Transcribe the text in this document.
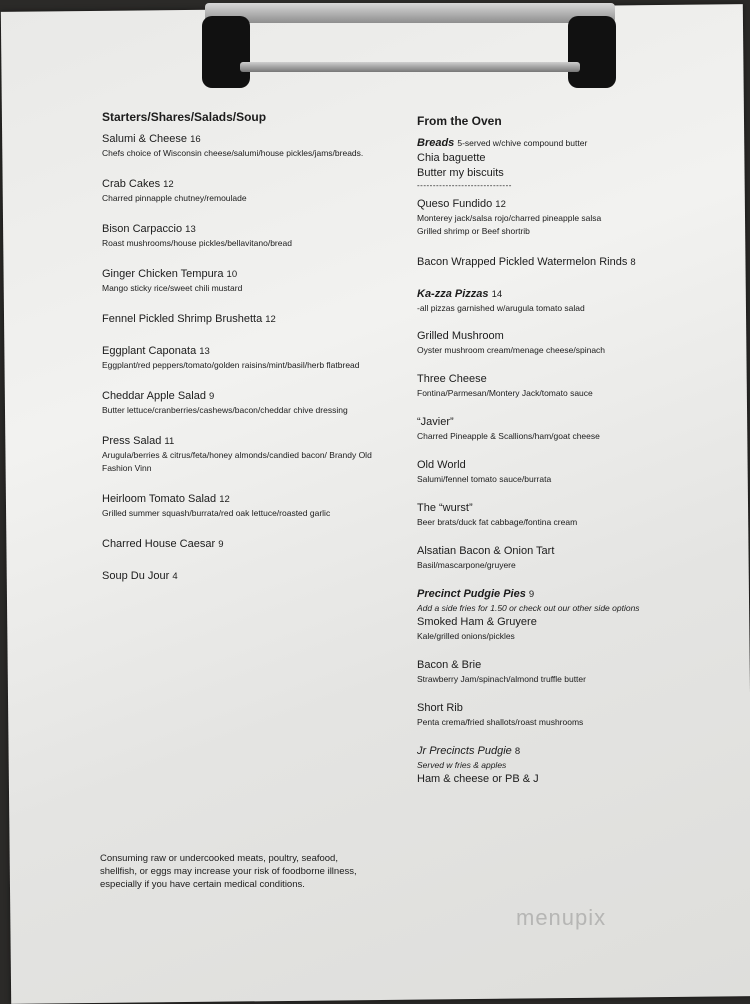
Starters/Shares/Salads/Soup
Salumi & Cheese 16
Chefs choice of Wisconsin cheese/salumi/house pickles/jams/breads.
Crab Cakes 12
Charred pinnapple chutney/remoulade
Bison Carpaccio 13
Roast mushrooms/house pickles/bellavitano/bread
Ginger Chicken Tempura 10
Mango sticky rice/sweet chili mustard
Fennel Pickled Shrimp Brushetta 12
Eggplant Caponata 13
Eggplant/red peppers/tomato/golden raisins/mint/basil/herb flatbread
Cheddar Apple Salad 9
Butter lettuce/cranberries/cashews/bacon/cheddar chive dressing
Press Salad 11
Arugula/berries & citrus/feta/honey almonds/candied bacon/ Brandy Old Fashion Vinn
Heirloom Tomato Salad 12
Grilled summer squash/burrata/red oak lettuce/roasted garlic
Charred House Caesar 9
Soup Du Jour 4
From the Oven
Breads 5-served w/chive compound butter
Chia baguette
Butter my biscuits
------------------------------
Queso Fundido 12
Monterey jack/salsa rojo/charred pineapple salsa
Grilled shrimp or Beef shortrib
Bacon Wrapped Pickled Watermelon Rinds 8
Ka-zza Pizzas 14
-all pizzas garnished w/arugula tomato salad
Grilled Mushroom
Oyster mushroom cream/menage cheese/spinach
Three Cheese
Fontina/Parmesan/Montery Jack/tomato sauce
“Javier”
Charred Pineapple & Scallions/ham/goat cheese
Old World
Salumi/fennel tomato sauce/burrata
The “wurst”
Beer brats/duck fat cabbage/fontina cream
Alsatian Bacon & Onion Tart
Basil/mascarpone/gruyere
Precinct Pudgie Pies 9
Add a side fries for 1.50 or check out our other side options
Smoked Ham & Gruyere
Kale/grilled onions/pickles
Bacon & Brie
Strawberry Jam/spinach/almond truffle butter
Short Rib
Penta crema/fried shallots/roast mushrooms
Jr Precincts Pudgie 8
Served w fries & apples
Ham & cheese or PB & J
Consuming raw or undercooked meats, poultry, seafood, shellfish, or eggs may increase your risk of foodborne illness, especially if you have certain medical conditions.
menupix
